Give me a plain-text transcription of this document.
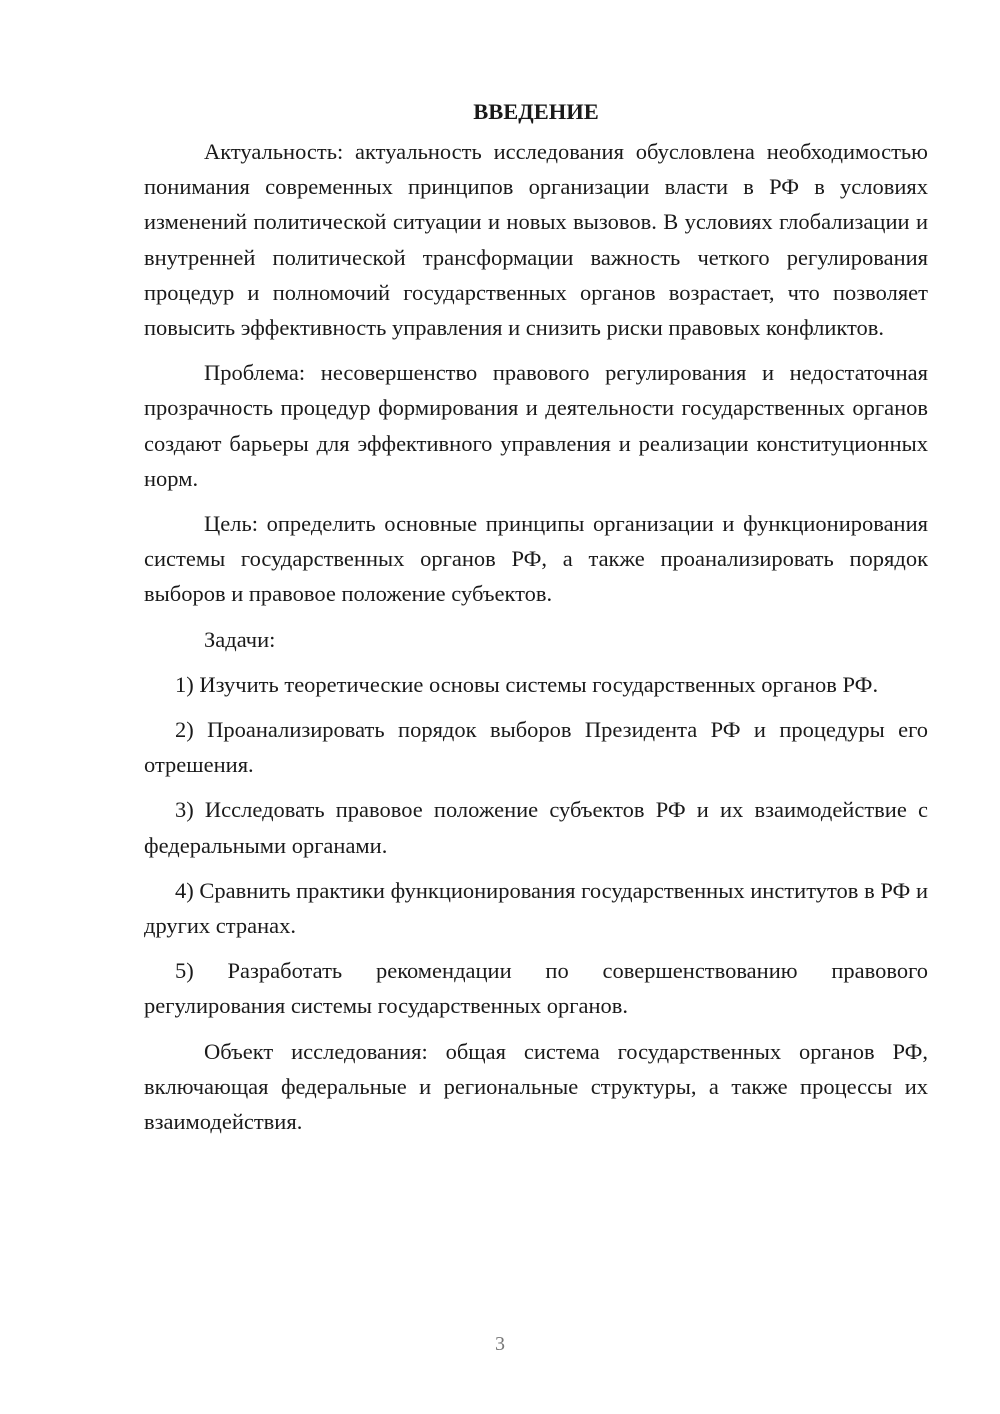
ВВЕДЕНИЕ

Актуальность: актуальность исследования обусловлена необходимостью понимания современных принципов организации власти в РФ в условиях изменений политической ситуации и новых вызовов. В условиях глобализации и внутренней политической трансформации важность четкого регулирования процедур и полномочий государственных органов возрастает, что позволяет повысить эффективность управления и снизить риски правовых конфликтов.

Проблема: несовершенство правового регулирования и недостаточная прозрачность процедур формирования и деятельности государственных органов создают барьеры для эффективного управления и реализации конституционных норм.

Цель: определить основные принципы организации и функционирования системы государственных органов РФ, а также проанализировать порядок выборов и правовое положение субъектов.

Задачи:

1) Изучить теоретические основы системы государственных органов РФ.

2) Проанализировать порядок выборов Президента РФ и процедуры его отрешения.

3) Исследовать правовое положение субъектов РФ и их взаимодействие с федеральными органами.

4) Сравнить практики функционирования государственных институтов в РФ и других странах.

5) Разработать рекомендации по совершенствованию правового регулирования системы государственных органов.

Объект исследования: общая система государственных органов РФ, включающая федеральные и региональные структуры, а также процессы их взаимодействия.

3
